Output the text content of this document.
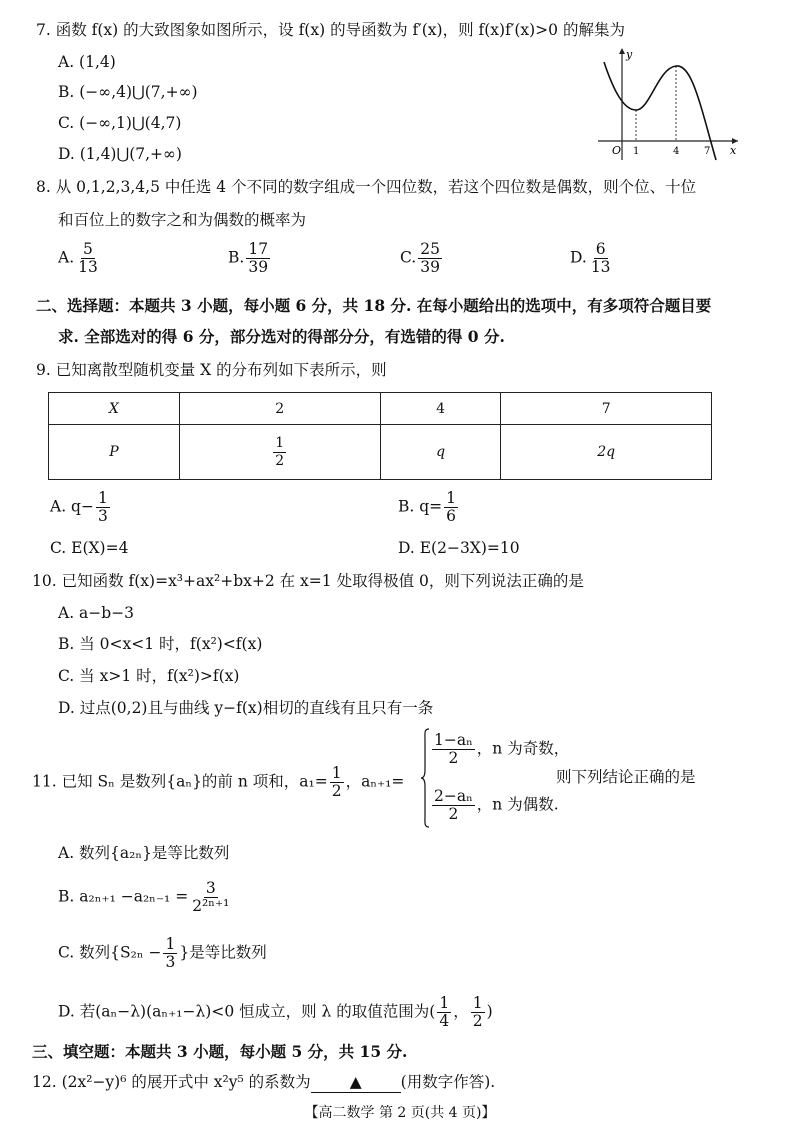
7. 函数 f(x) 的大致图象如图所示，设 f(x) 的导函数为 f′(x)，则 f(x)f′(x)>0 的解集为
A. (1,4)
B. (−∞,4)⋃(7,+∞)
C. (−∞,1)⋃(4,7)
D. (1,4)⋃(7,+∞)
y
x
O 1	4 7
8. 从 0,1,2,3,4,5 中任选 4 个不同的数字组成一个四位数，若这个四位数是偶数，则个位、十位
和百位上的数字之和为偶数的概率为
A. $\frac{5}{13}$	B. $\frac{17}{39}$	C. $\frac{25}{39}$	D. $\frac{6}{13}$
二、选择题：本题共 3 小题，每小题 6 分，共 18 分. 在每小题给出的选项中，有多项符合题目要
求. 全部选对的得 6 分，部分选对的得部分分，有选错的得 0 分.
9. 已知离散型随机变量 X 的分布列如下表所示，则
X	2	4	7
P	$\frac{1}{2}$	q	2q
A. $q- \frac{1}{3}$	B. $q= \frac{1}{6}$
C. E(X)=4	D. E(2−3X)=10
10. 已知函数 f(x)=x³+ax²+bx+2 在 x=1 处取得极值 0，则下列说法正确的是
A. a−b−3
B. 当 0<x<1 时，f(x²)<f(x)
C. 当 x>1 时，f(x²)>f(x)
D. 过点(0,2)且与曲线 y−f(x)相切的直线有且只有一条
11. 已知 Sₙ 是数列{aₙ}的前 n 项和，$a_1= \frac{1}{2}$ ，aₙ₊₁=
$\frac{\text{1−aₙ}}{2}$ ，n 为奇数，
$\frac{\text{2−aₙ}}{2}$ ，n 为偶数.
则下列结论正确的是
A. 数列{a₂ₙ}是等比数列
B. $a_{2n+1} -a_{2n-1} = \frac{3}{\text{2²ⁿ⁺¹}}$
C. 数列{$S_{2n} - \frac{1}{3}$ }是等比数列
D. 若(aₙ−λ)(aₙ₊₁−λ)<0 恒成立，则 λ 的取值范围为( $\frac{1}{4}$ ， $\frac{1}{2}$ )
三、填空题：本题共 3 小题，每小题 5 分，共 15 分.
12. (2x²−y)⁶ 的展开式中 x²y⁵ 的系数为	▲	(用数字作答).
【高二数学 第 2 页(共 4 页)】
